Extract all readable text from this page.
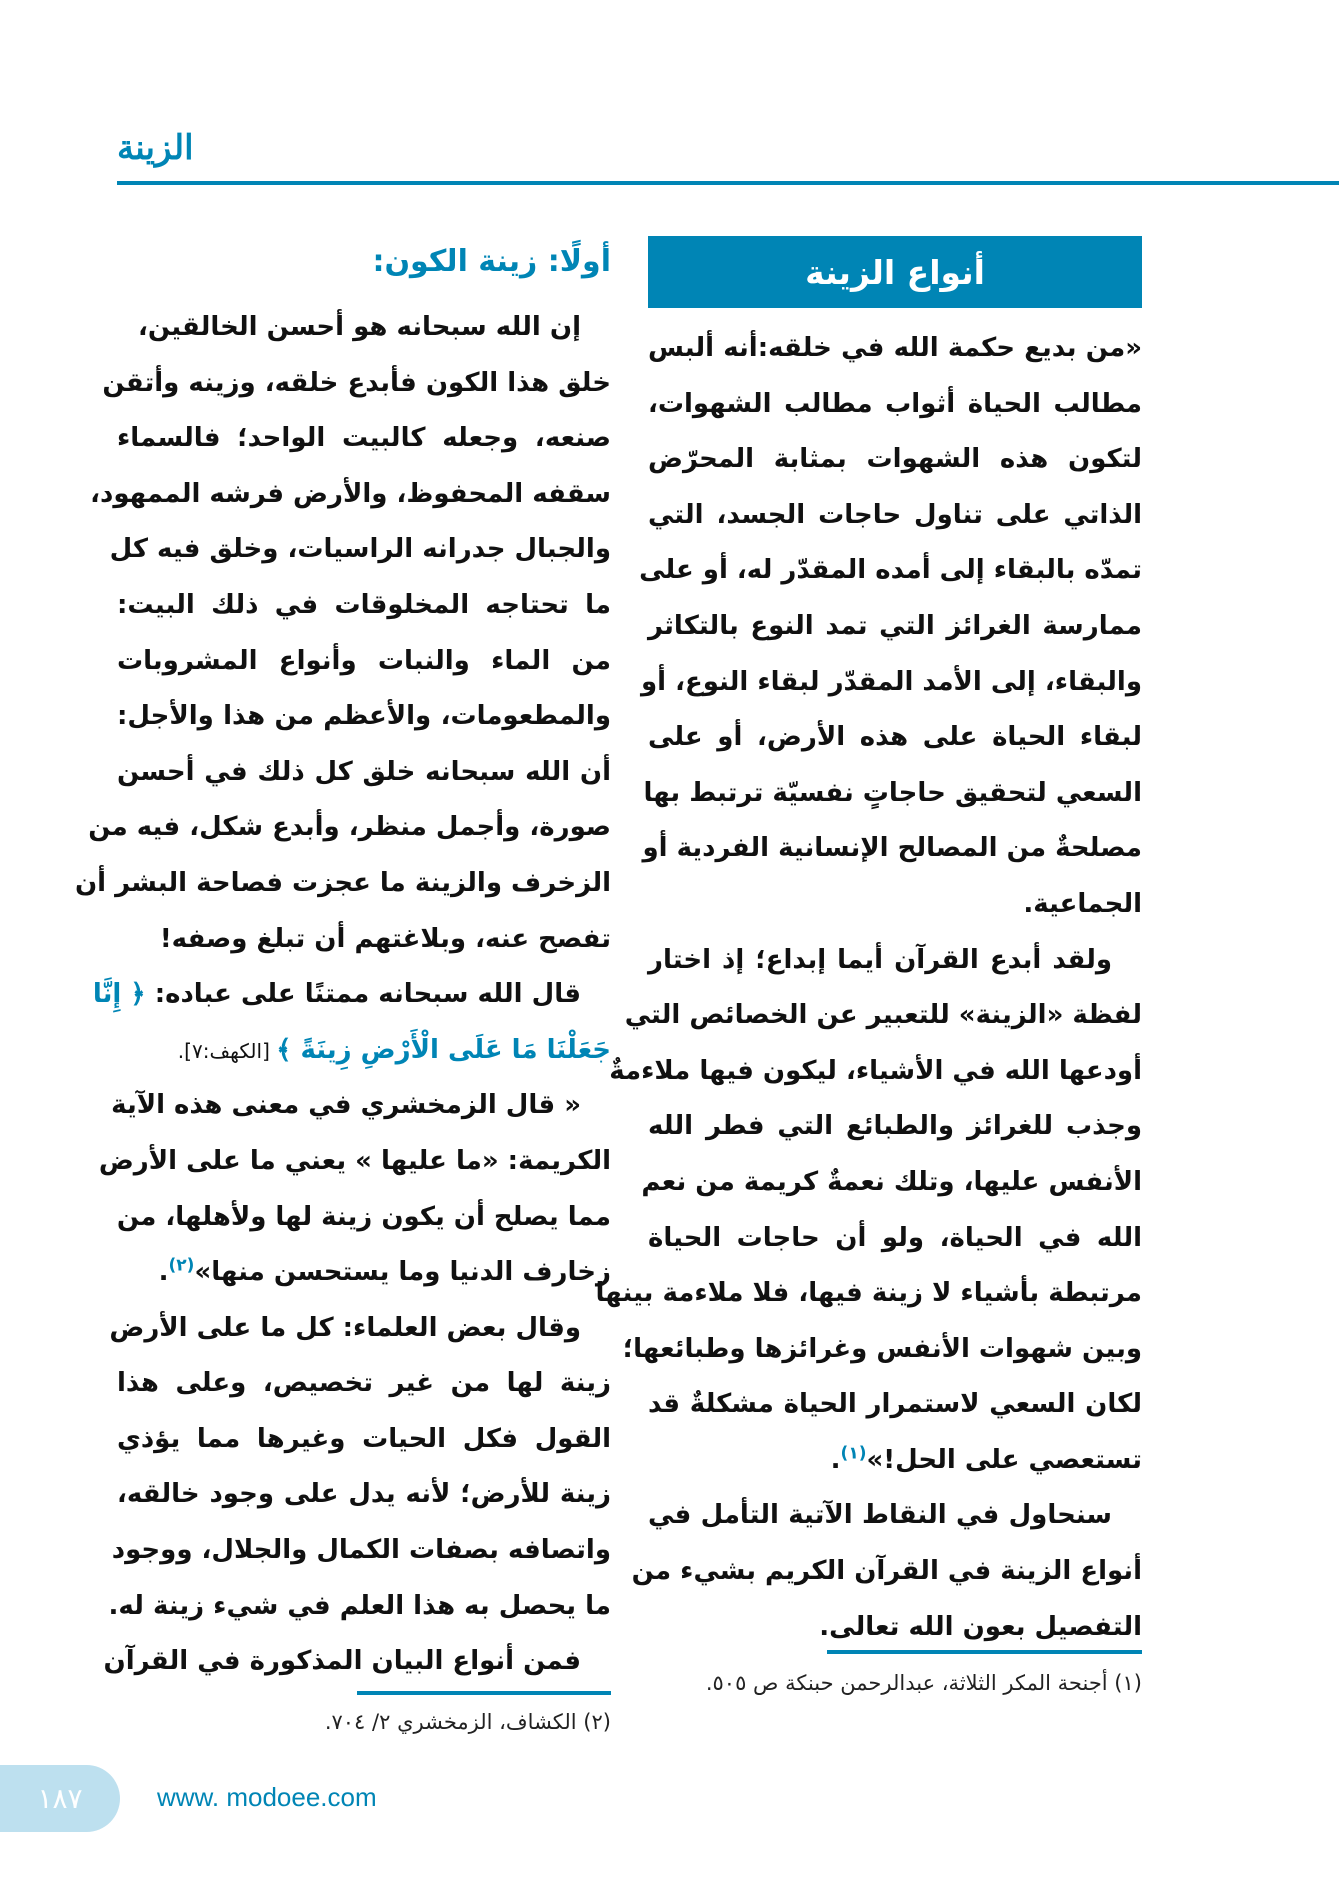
الزينة
أنواع الزينة
«من بديع حكمة الله في خلقه:أنه ألبس
مطالب الحياة أثواب مطالب الشهوات،
لتكون هذه الشهوات بمثابة المحرّض
الذاتي على تناول حاجات الجسد، التي
تمدّه بالبقاء إلى أمده المقدّر له، أو على
ممارسة الغرائز التي تمد النوع بالتكاثر
والبقاء، إلى الأمد المقدّر لبقاء النوع، أو
لبقاء الحياة على هذه الأرض، أو على
السعي لتحقيق حاجاتٍ نفسيّة ترتبط بها
مصلحةٌ من المصالح الإنسانية الفردية أو
الجماعية.
ولقد أبدع القرآن أيما إبداع؛ إذ اختار
لفظة «الزينة» للتعبير عن الخصائص التي
أودعها الله في الأشياء، ليكون فيها ملاءمةٌ
وجذب للغرائز والطبائع التي فطر الله
الأنفس عليها، وتلك نعمةٌ كريمة من نعم
الله في الحياة، ولو أن حاجات الحياة
مرتبطة بأشياء لا زينة فيها، فلا ملاءمة بينها
وبين شهوات الأنفس وغرائزها وطبائعها؛
لكان السعي لاستمرار الحياة مشكلةٌ قد
تستعصي على الحل!»$^{(١)}$.
سنحاول في النقاط الآتية التأمل في
أنواع الزينة في القرآن الكريم بشيء من
التفصيل بعون الله تعالى.
أولًا: زينة الكون:
إن الله سبحانه هو أحسن الخالقين،
خلق هذا الكون فأبدع خلقه، وزينه وأتقن
صنعه، وجعله كالبيت الواحد؛ فالسماء
سقفه المحفوظ، والأرض فرشه الممهود،
والجبال جدرانه الراسيات، وخلق فيه كل
ما تحتاجه المخلوقات في ذلك البيت:
من الماء والنبات وأنواع المشروبات
والمطعومات، والأعظم من هذا والأجل:
أن الله سبحانه خلق كل ذلك في أحسن
صورة، وأجمل منظر، وأبدع شكل، فيه من
الزخرف والزينة ما عجزت فصاحة البشر أن
تفصح عنه، وبلاغتهم أن تبلغ وصفه!
قال الله سبحانه ممتنًا على عباده: ﴿ إِنَّا
جَعَلْنَا مَا عَلَى الْأَرْضِ زِينَةً ﴾ [الكهف:٧].
« قال الزمخشري في معنى هذه الآية
الكريمة: «ما عليها » يعني ما على الأرض
مما يصلح أن يكون زينة لها ولأهلها، من
زخارف الدنيا وما يستحسن منها»$^{(٢)}$.
وقال بعض العلماء: كل ما على الأرض
زينة لها من غير تخصيص، وعلى هذا
القول فكل الحيات وغيرها مما يؤذي
زينة للأرض؛ لأنه يدل على وجود خالقه،
واتصافه بصفات الكمال والجلال، ووجود
ما يحصل به هذا العلم في شيء زينة له.
فمن أنواع البيان المذكورة في القرآن
(١) أجنحة المكر الثلاثة، عبدالرحمن حبنكة ص ٥٠٥.
(٢) الكشاف، الزمخشري ٢/ ٧٠٤.
١٨٧	www. modoee.com
